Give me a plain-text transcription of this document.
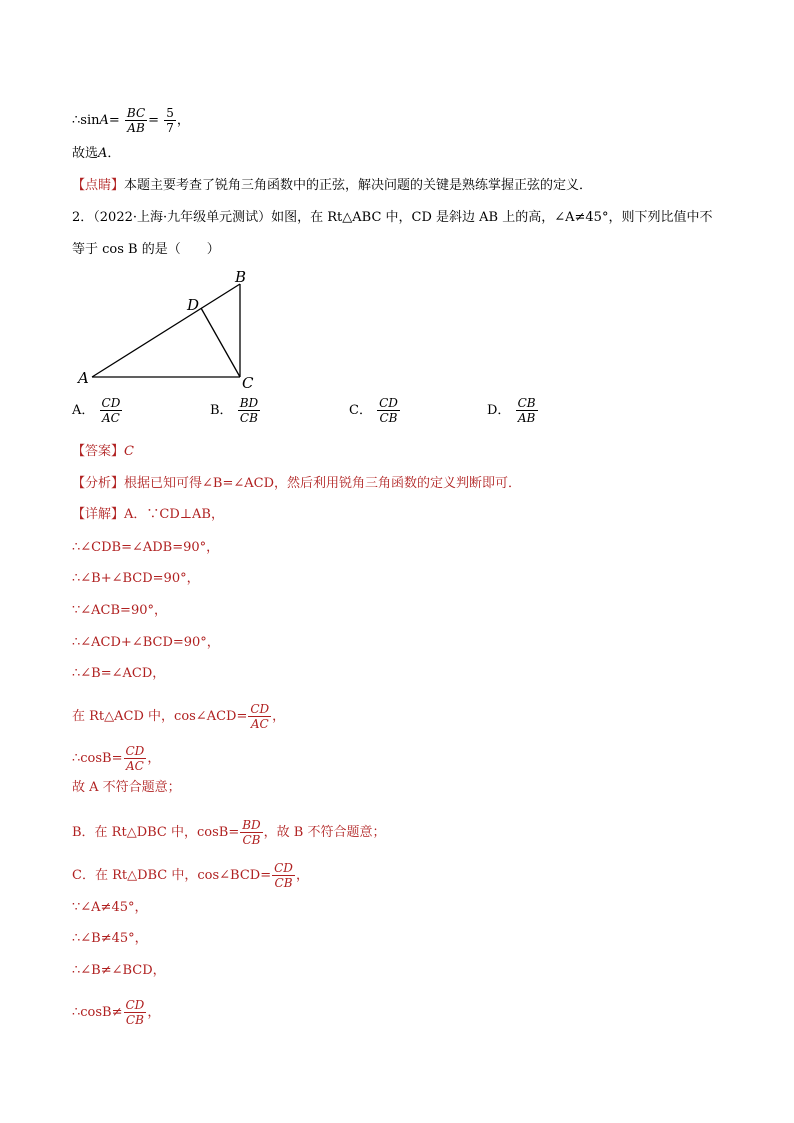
∴sinA= $\frac{BC}{AB} = \frac{5}{7}$ ，
故选A．
【点睛】本题主要考查了锐角三角函数中的正弦，解决问题的关键是熟练掌握正弦的定义．
2．（2022·上海·九年级单元测试）如图，在 Rt△ABC 中，CD 是斜边 AB 上的高，∠A≠45°，则下列比值中不
等于 cos B 的是（　　）
A
B
C
D
A． $\frac{CD}{AC}$	B． $\frac{BD}{CB}$	C． $\frac{CD}{CB}$	D． $\frac{CB}{AB}$
【答案】C
【分析】根据已知可得∠B=∠ACD，然后利用锐角三角函数的定义判断即可．
【详解】A．∵CD⊥AB，
∴∠CDB=∠ADB=90°，
∴∠B+∠BCD=90°，
∵∠ACB=90°，
∴∠ACD+∠BCD=90°，
∴∠B=∠ACD，
在 Rt△ACD 中，cos∠ACD= $\frac{CD}{AC}$ ，
∴cosB= $\frac{CD}{AC}$ ，
故 A 不符合题意；
B．在 Rt△DBC 中，$\cos B= \frac{BD}{CB}$ ，故 B 不符合题意；
C．在 Rt△DBC 中，cos∠BCD= $\frac{CD}{CB}$ ，
∵∠A≠45°，
∴∠B≠45°，
∴∠B≠∠BCD，
∴cosB≠ $\frac{CD}{CB}$ ，
